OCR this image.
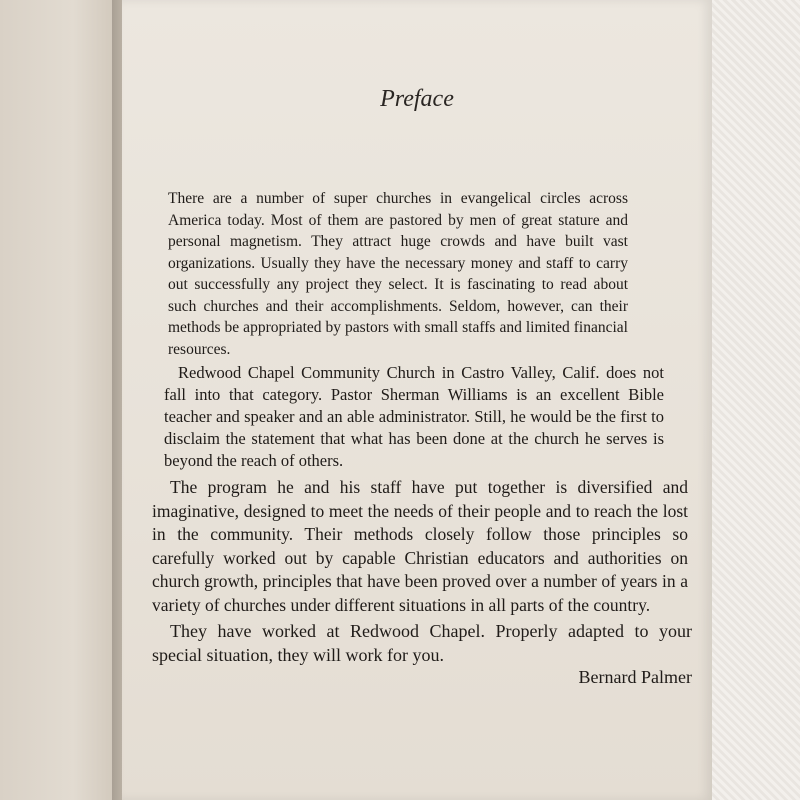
Preface

There are a number of super churches in evangelical circles across America today. Most of them are pastored by men of great stature and personal magnetism. They attract huge crowds and have built vast organizations. Usually they have the necessary money and staff to carry out successfully any project they select. It is fascinating to read about such churches and their accomplishments. Seldom, however, can their methods be appropriated by pastors with small staffs and limited financial resources.

Redwood Chapel Community Church in Castro Valley, Calif. does not fall into that category. Pastor Sherman Williams is an excellent Bible teacher and speaker and an able administrator. Still, he would be the first to disclaim the statement that what has been done at the church he serves is beyond the reach of others.

The program he and his staff have put together is diversified and imaginative, designed to meet the needs of their people and to reach the lost in the community. Their methods closely follow those principles so carefully worked out by capable Christian educators and authorities on church growth, principles that have been proved over a number of years in a variety of churches under different situations in all parts of the country.

They have worked at Redwood Chapel. Properly adapted to your special situation, they will work for you.

Bernard Palmer
